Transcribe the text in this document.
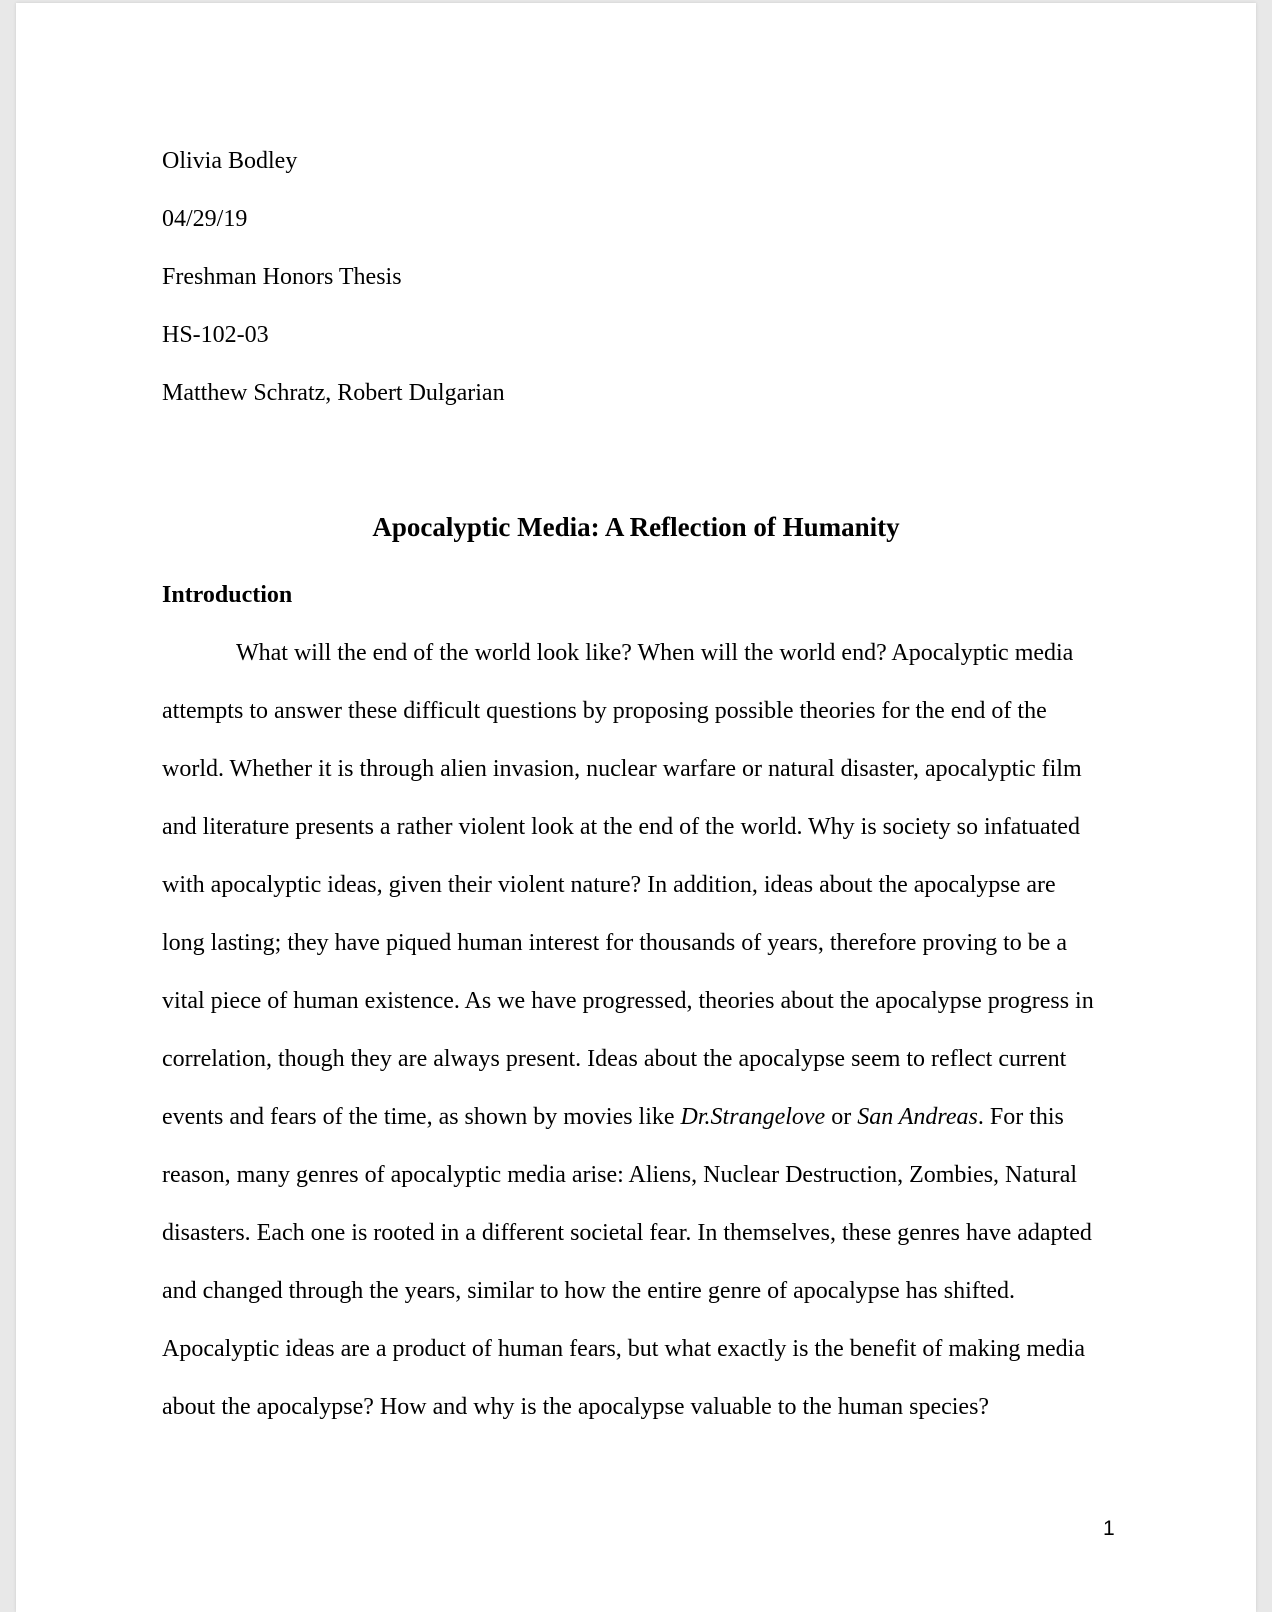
Olivia Bodley
04/29/19
Freshman Honors Thesis
HS-102-03
Matthew Schratz, Robert Dulgarian
Apocalyptic Media: A Reflection of Humanity
Introduction
What will the end of the world look like? When will the world end? Apocalyptic media
attempts to answer these difficult questions by proposing possible theories for the end of the
world. Whether it is through alien invasion, nuclear warfare or natural disaster, apocalyptic film
and literature presents a rather violent look at the end of the world. Why is society so infatuated
with apocalyptic ideas, given their violent nature? In addition, ideas about the apocalypse are
long lasting; they have piqued human interest for thousands of years, therefore proving to be a
vital piece of human existence. As we have progressed, theories about the apocalypse progress in
correlation, though they are always present. Ideas about the apocalypse seem to reflect current
events and fears of the time, as shown by movies like Dr.Strangelove or San Andreas. For this
reason, many genres of apocalyptic media arise: Aliens, Nuclear Destruction, Zombies, Natural
disasters. Each one is rooted in a different societal fear. In themselves, these genres have adapted
and changed through the years, similar to how the entire genre of apocalypse has shifted.
Apocalyptic ideas are a product of human fears, but what exactly is the benefit of making media
about the apocalypse? How and why is the apocalypse valuable to the human species?
1
